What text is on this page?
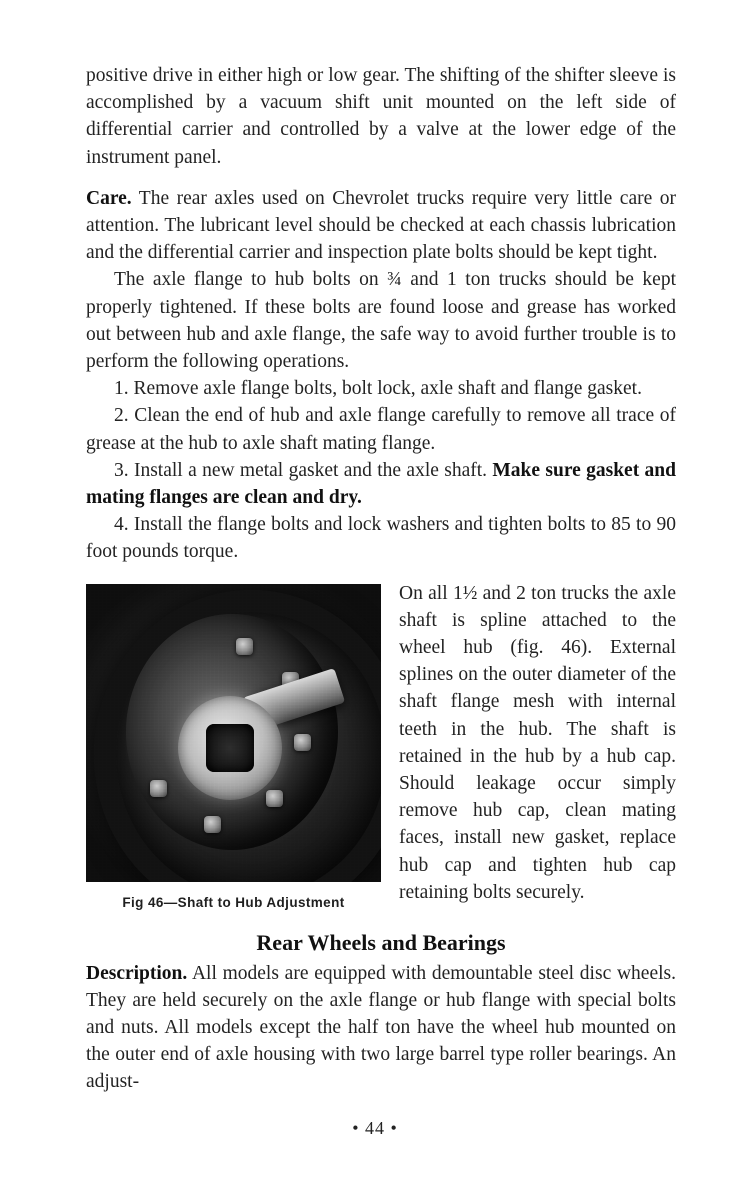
positive drive in either high or low gear. The shifting of the shifter sleeve is accomplished by a vacuum shift unit mounted on the left side of differential carrier and controlled by a valve at the lower edge of the instrument panel.

Care. The rear axles used on Chevrolet trucks require very little care or attention. The lubricant level should be checked at each chassis lubrication and the differential carrier and inspection plate bolts should be kept tight.

The axle flange to hub bolts on ¾ and 1 ton trucks should be kept properly tightened. If these bolts are found loose and grease has worked out between hub and axle flange, the safe way to avoid further trouble is to perform the following operations.

1. Remove axle flange bolts, bolt lock, axle shaft and flange gasket.

2. Clean the end of hub and axle flange carefully to remove all trace of grease at the hub to axle shaft mating flange.

3. Install a new metal gasket and the axle shaft. Make sure gasket and mating flanges are clean and dry.

4. Install the flange bolts and lock washers and tighten bolts to 85 to 90 foot pounds torque.

Fig 46—Shaft to Hub Adjustment
On all 1½ and 2 ton trucks the axle shaft is spline attached to the wheel hub (fig. 46). External splines on the outer diameter of the shaft flange mesh with internal teeth in the hub. The shaft is retained in the hub by a hub cap. Should leakage occur simply remove hub cap, clean mating faces, install new gasket, replace hub cap and tighten hub cap retaining bolts securely.
Rear Wheels and Bearings

Description. All models are equipped with demountable steel disc wheels. They are held securely on the axle flange or hub flange with special bolts and nuts. All models except the half ton have the wheel hub mounted on the outer end of axle housing with two large barrel type roller bearings. An adjust-

• 44 •
